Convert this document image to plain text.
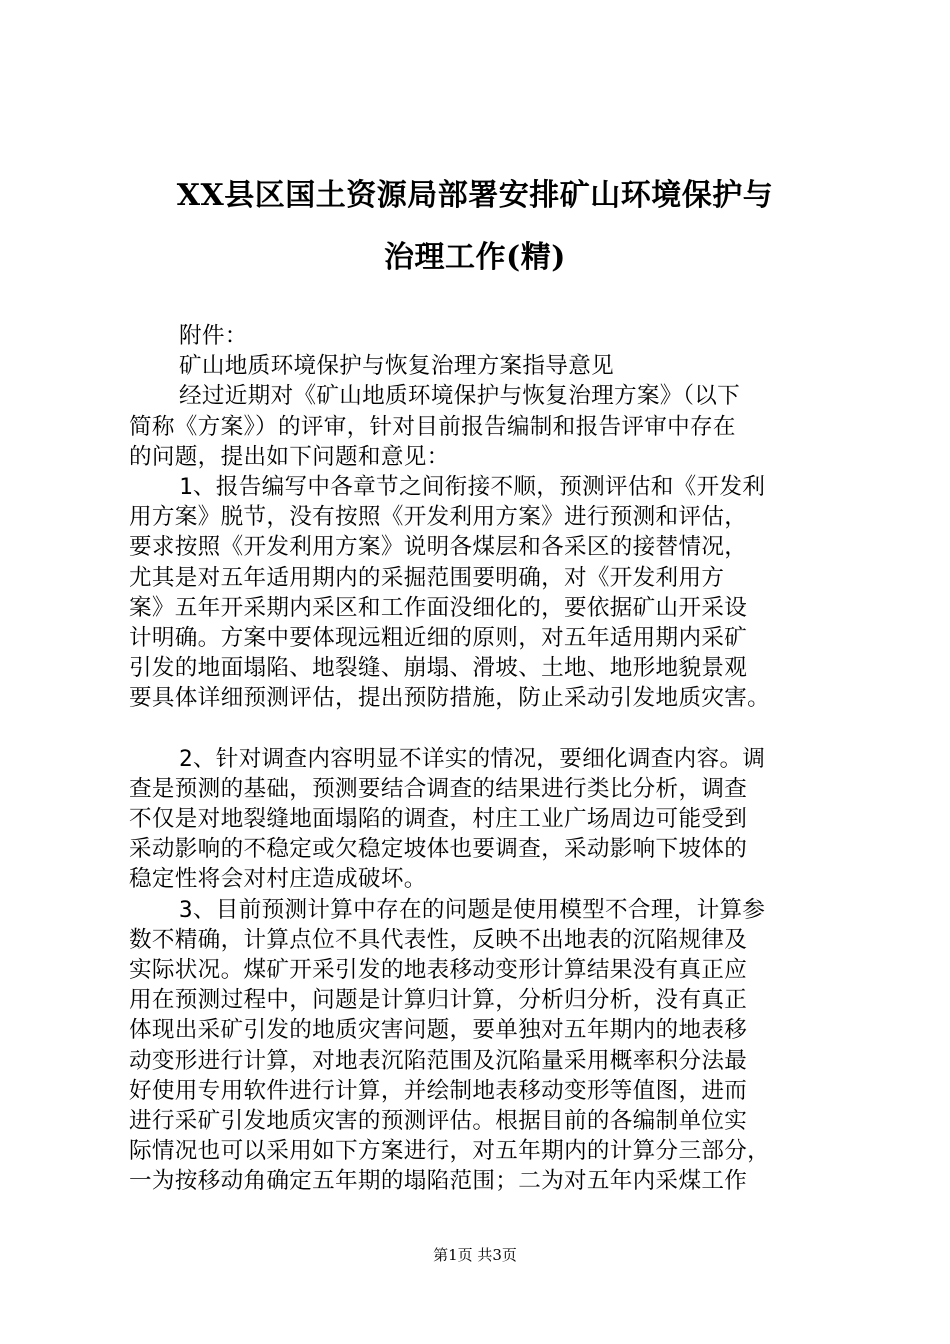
XX县区国土资源局部署安排矿山环境保护与
治理工作(精)
附件：
矿山地质环境保护与恢复治理方案指导意见
经过近期对《矿山地质环境保护与恢复治理方案》（以下
简称《方案》）的评审，针对目前报告编制和报告评审中存在
的问题，提出如下问题和意见：
1、报告编写中各章节之间衔接不顺，预测评估和《开发利
用方案》脱节，没有按照《开发利用方案》进行预测和评估，
要求按照《开发利用方案》说明各煤层和各采区的接替情况，
尤其是对五年适用期内的采掘范围要明确，对《开发利用方
案》五年开采期内采区和工作面没细化的，要依据矿山开采设
计明确。方案中要体现远粗近细的原则，对五年适用期内采矿
引发的地面塌陷、地裂缝、崩塌、滑坡、土地、地形地貌景观
要具体详细预测评估，提出预防措施，防止采动引发地质灾害。
2、针对调查内容明显不详实的情况，要细化调查内容。调
查是预测的基础，预测要结合调查的结果进行类比分析，调查
不仅是对地裂缝地面塌陷的调查，村庄工业广场周边可能受到
采动影响的不稳定或欠稳定坡体也要调查，采动影响下坡体的
稳定性将会对村庄造成破坏。
3、目前预测计算中存在的问题是使用模型不合理，计算参
数不精确，计算点位不具代表性，反映不出地表的沉陷规律及
实际状况。煤矿开采引发的地表移动变形计算结果没有真正应
用在预测过程中，问题是计算归计算，分析归分析，没有真正
体现出采矿引发的地质灾害问题，要单独对五年期内的地表移
动变形进行计算，对地表沉陷范围及沉陷量采用概率积分法最
好使用专用软件进行计算，并绘制地表移动变形等值图，进而
进行采矿引发地质灾害的预测评估。根据目前的各编制单位实
际情况也可以采用如下方案进行，对五年期内的计算分三部分，
一为按移动角确定五年期的塌陷范围；二为对五年内采煤工作
第1页 共3页
